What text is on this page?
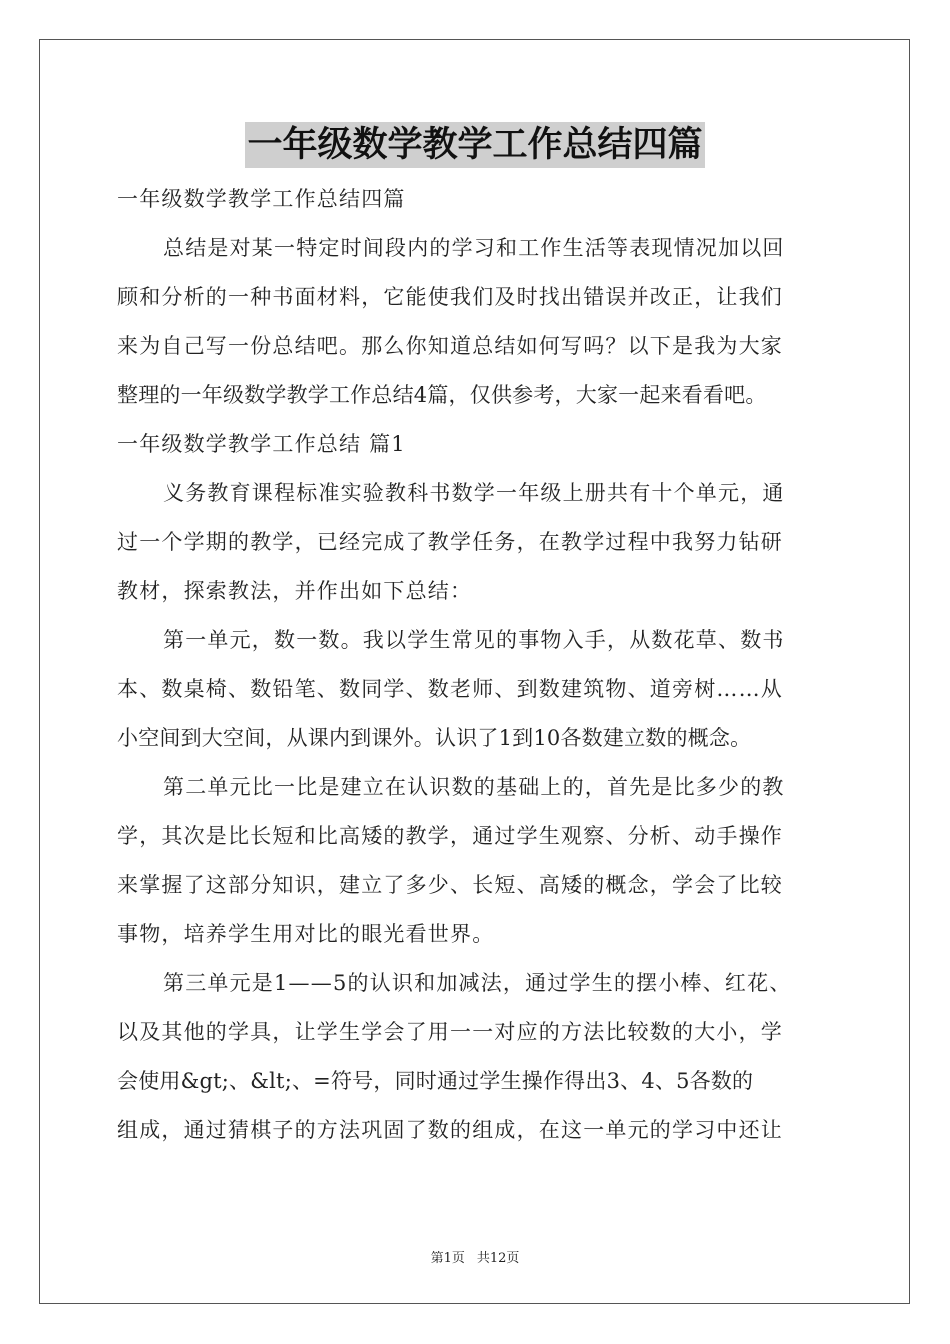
一年级数学教学工作总结四篇
一年级数学教学工作总结四篇
总结是对某一特定时间段内的学习和工作生活等表现情况加以回
顾和分析的一种书面材料，它能使我们及时找出错误并改正，让我们
来为自己写一份总结吧。那么你知道总结如何写吗？以下是我为大家
整理的一年级数学教学工作总结4篇，仅供参考，大家一起来看看吧。
一年级数学教学工作总结 篇1
义务教育课程标准实验教科书数学一年级上册共有十个单元，通
过一个学期的教学，已经完成了教学任务，在教学过程中我努力钻研
教材，探索教法，并作出如下总结：
第一单元，数一数。我以学生常见的事物入手，从数花草、数书
本、数桌椅、数铅笔、数同学、数老师、到数建筑物、道旁树……从
小空间到大空间，从课内到课外。认识了1到10各数建立数的概念。
第二单元比一比是建立在认识数的基础上的，首先是比多少的教
学，其次是比长短和比高矮的教学，通过学生观察、分析、动手操作
来掌握了这部分知识，建立了多少、长短、高矮的概念，学会了比较
事物，培养学生用对比的眼光看世界。
第三单元是1——5的认识和加减法，通过学生的摆小棒、红花、
以及其他的学具，让学生学会了用一一对应的方法比较数的大小，学
会使用&gt;、&lt;、=符号，同时通过学生操作得出3、4、5各数的
组成，通过猜棋子的方法巩固了数的组成，在这一单元的学习中还让
第1页 共12页
